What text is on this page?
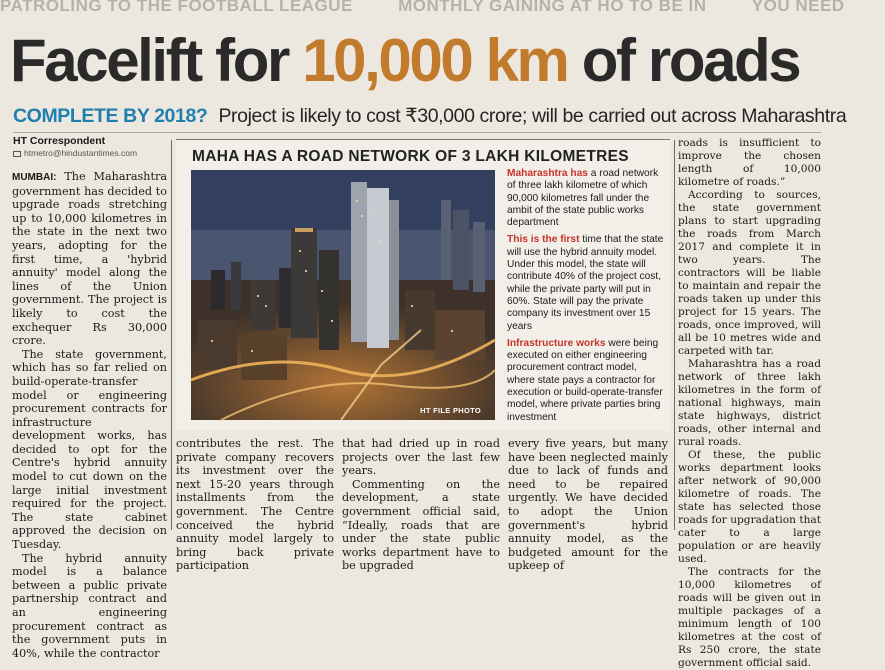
PATROLING TO THE FOOTBALL LEAGUE	MONTHLY GAINING AT HO TO BE IN	YOU NEED
Facelift for 10,000 km of roads
COMPLETE BY 2018? Project is likely to cost ₹30,000 crore; will be carried out across Maharashtra
HT Correspondent
htmetro@hindustantimes.com

MUMBAI: The Maharashtra government has decided to upgrade roads stretching up to 10,000 kilometres in the state in the next two years, adopting for the first time, a 'hybrid annuity' model along the lines of the Union government. The project is likely to cost the exchequer Rs 30,000 crore.

The state government, which has so far relied on build-operate-transfer model or engineering procurement contracts for infrastructure development works, has decided to opt for the Centre's hybrid annuity model to cut down on the large initial investment required for the project. The state cabinet approved the decision on Tuesday.

The hybrid annuity model is a balance between a public private partnership contract and an engineering procurement contract as the government puts in 40%, while the contractor

MAHA HAS A ROAD NETWORK OF 3 LAKH KILOMETRES
HT FILE PHOTO

Maharashtra has a road network of three lakh kilometre of which 90,000 kilometres fall under the ambit of the state public works department

This is the first time that the state will use the hybrid annuity model. Under this model, the state will contribute 40% of the project cost, while the private party will put in 60%. State will pay the private company its investment over 15 years

Infrastructure works were being executed on either engineering procurement contract model, where state pays a contractor for execution or build-operate-transfer model, where private parties bring investment

contributes the rest. The private company recovers its investment over the next 15-20 years through installments from the government. The Centre conceived the hybrid annuity model largely to bring back private participation

that had dried up in road projects over the last few years.

Commenting on the development, a state government official said, “Ideally, roads that are under the state public works department have to be upgraded

every five years, but many have been neglected mainly due to lack of funds and need to be repaired urgently. We have decided to adopt the Union government's hybrid annuity model, as the budgeted amount for the upkeep of

roads is insufficient to improve the chosen length of 10,000 kilometre of roads.”

According to sources, the state government plans to start upgrading the roads from March 2017 and complete it in two years. The contractors will be liable to maintain and repair the roads taken up under this project for 15 years. The roads, once improved, will all be 10 metres wide and carpeted with tar.

Maharashtra has a road network of three lakh kilometres in the form of national highways, main state highways, district roads, other internal and rural roads.

Of these, the public works department looks after network of 90,000 kilometre of roads. The state has selected those roads for upgradation that cater to a large population or are heavily used.

The contracts for the 10,000 kilometres of roads will be given out in multiple packages of a minimum length of 100 kilometres at the cost of Rs 250 crore, the state government official said.
